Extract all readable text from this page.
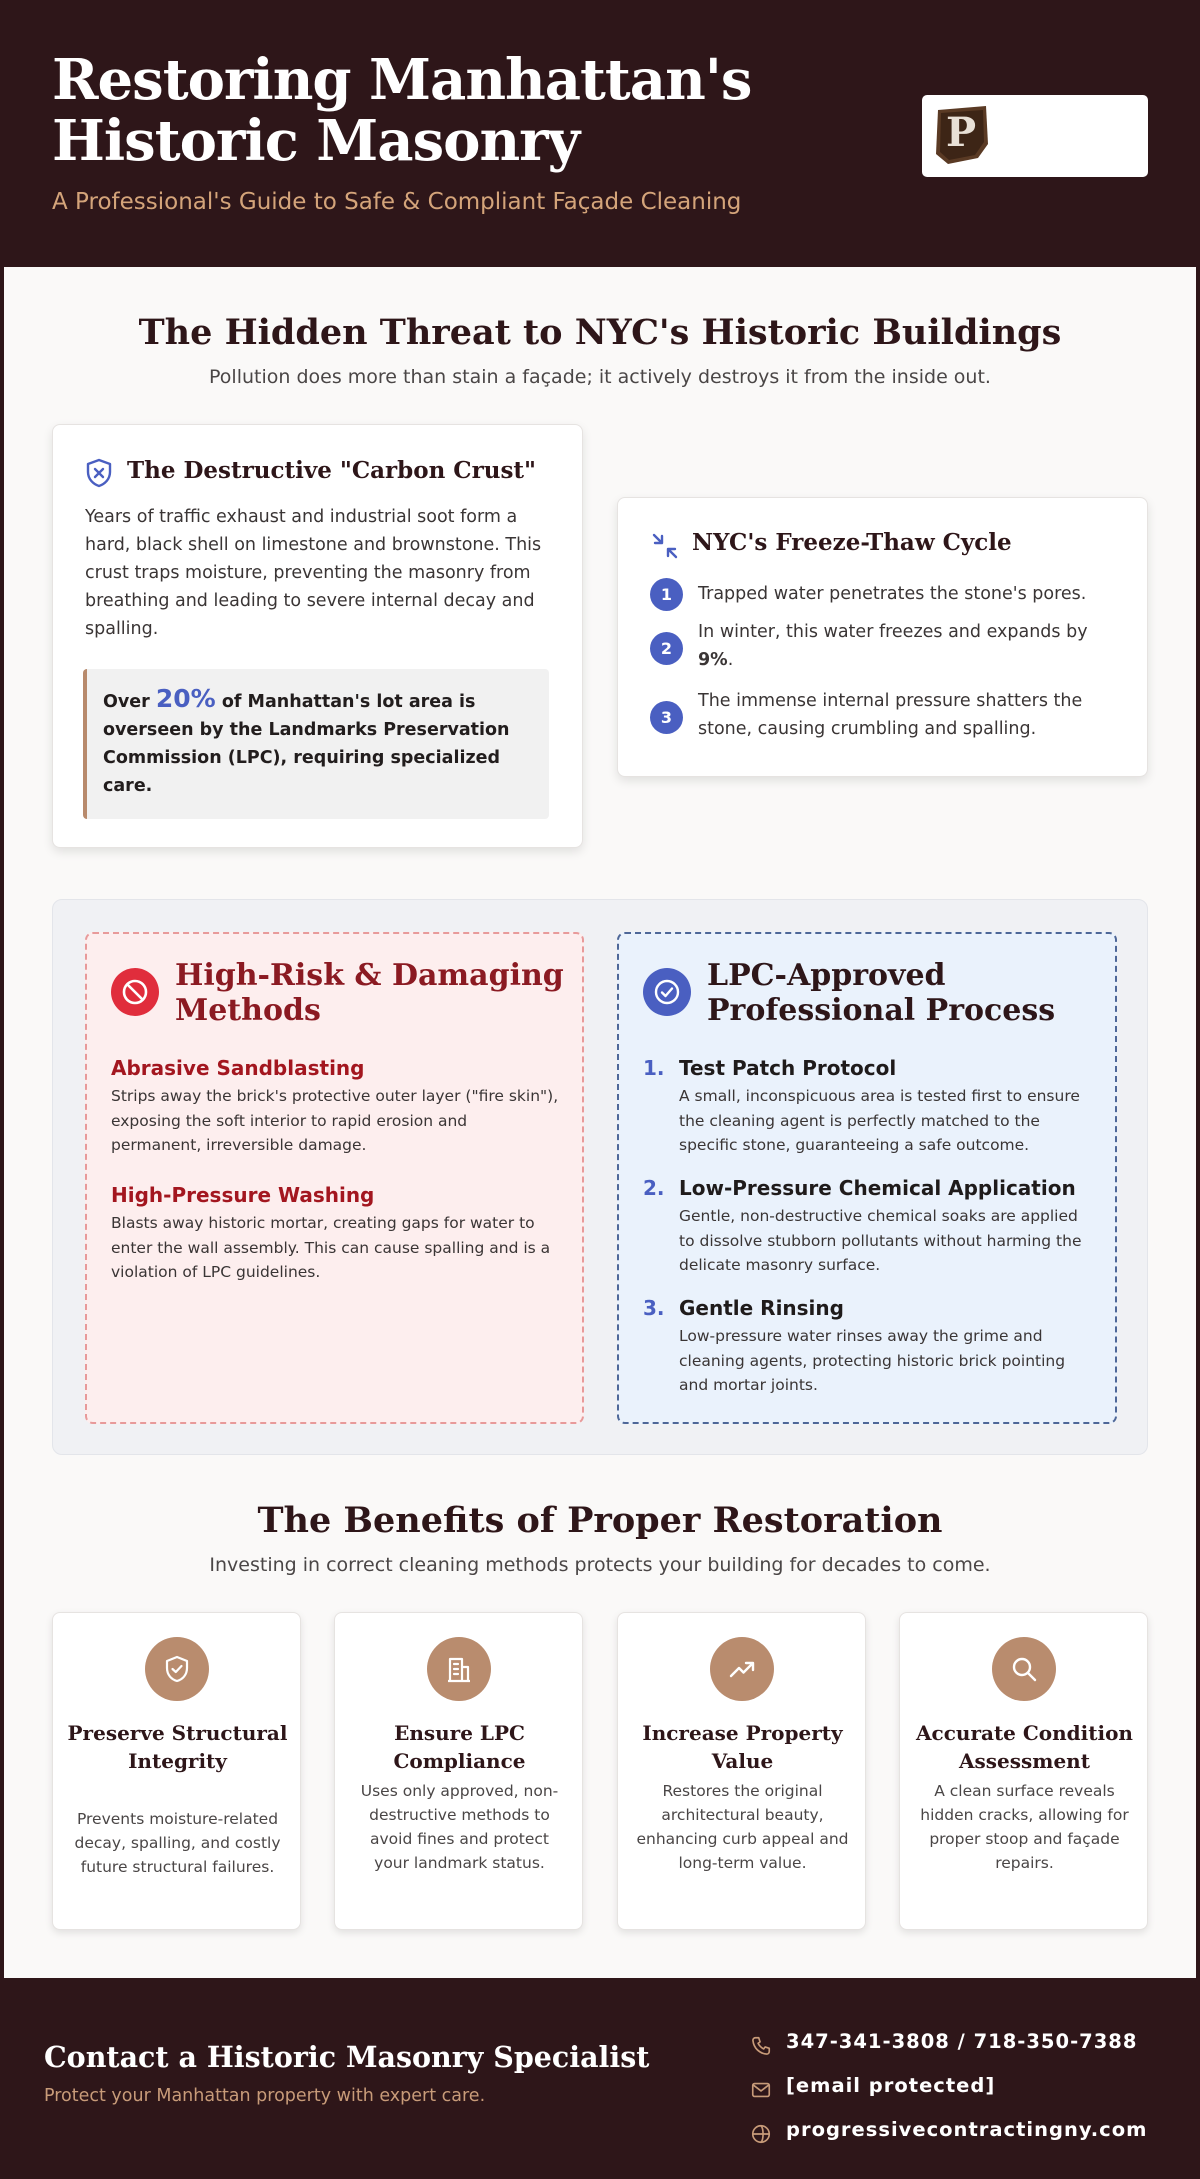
Restoring Manhattan's
Historic Masonry
A Professional's Guide to Safe & Compliant Façade Cleaning
P
The Hidden Threat to NYC's Historic Buildings
Pollution does more than stain a façade; it actively destroys it from the inside out.
The Destructive "Carbon Crust"
Years of traffic exhaust and industrial soot form a hard, black shell on limestone and brownstone. This crust traps moisture, preventing the masonry from breathing and leading to severe internal decay and spalling.
Over 20% of Manhattan's lot area is overseen by the Landmarks Preservation Commission (LPC), requiring specialized care.
NYC's Freeze-Thaw Cycle
1	Trapped water penetrates the stone's pores.
2
In winter, this water freezes and expands by 9%.
3
The immense internal pressure shatters the stone, causing crumbling and spalling.
High-Risk & Damaging Methods
Abrasive Sandblasting
Strips away the brick's protective outer layer ("fire skin"), exposing the soft interior to rapid erosion and permanent, irreversible damage.
High-Pressure Washing
Blasts away historic mortar, creating gaps for water to enter the wall assembly. This can cause spalling and is a violation of LPC guidelines.
LPC-Approved Professional Process
1. Test Patch Protocol
A small, inconspicuous area is tested first to ensure the cleaning agent is perfectly matched to the specific stone, guaranteeing a safe outcome.
2. Low-Pressure Chemical Application
Gentle, non-destructive chemical soaks are applied to dissolve stubborn pollutants without harming the delicate masonry surface.
3. Gentle Rinsing
Low-pressure water rinses away the grime and cleaning agents, protecting historic brick pointing and mortar joints.
The Benefits of Proper Restoration
Investing in correct cleaning methods protects your building for decades to come.
Preserve Structural Integrity
Prevents moisture-related decay, spalling, and costly future structural failures.
Ensure LPC Compliance
Uses only approved, non-destructive methods to avoid fines and protect your landmark status.
Increase Property Value
Restores the original architectural beauty, enhancing curb appeal and long-term value.
Accurate Condition Assessment
A clean surface reveals hidden cracks, allowing for proper stoop and façade repairs.
Contact a Historic Masonry Specialist
Protect your Manhattan property with expert care.
347-341-3808 / 718-350-7388
[email protected]
progressivecontractingny.com
